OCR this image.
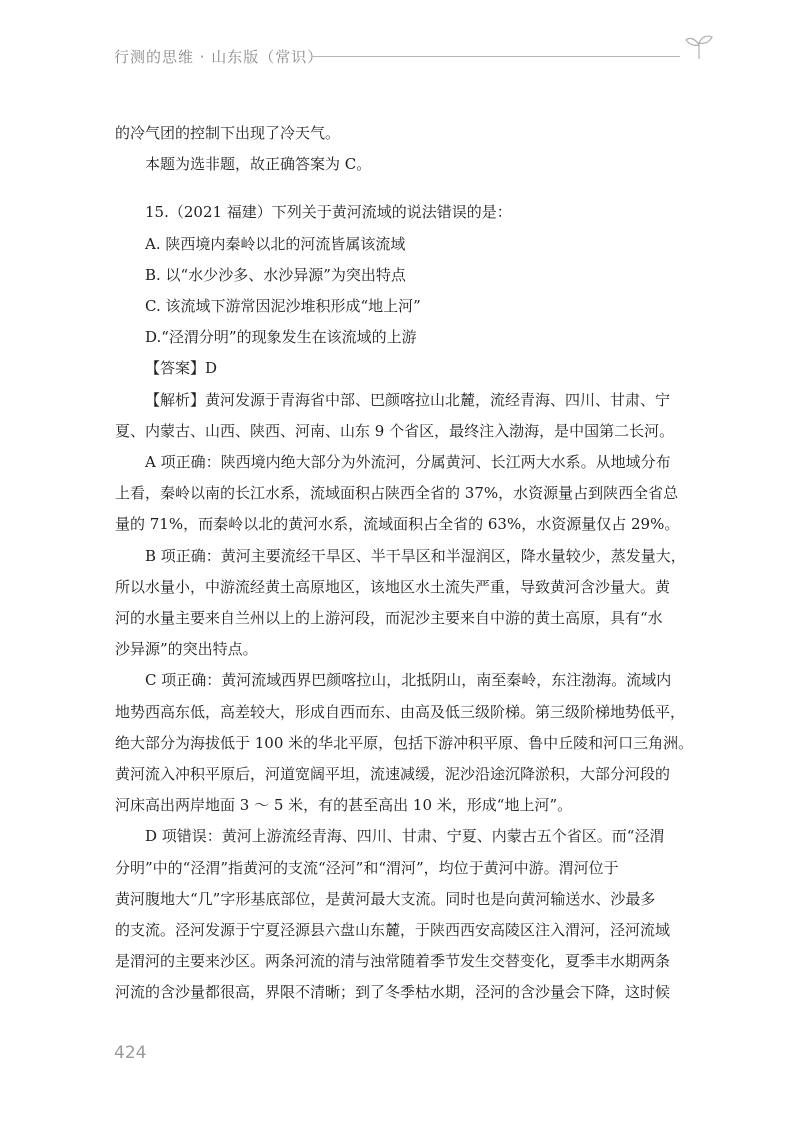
行测的思维 · 山东版（常识）

的冷气团的控制下出现了冷天气。

本题为选非题，故正确答案为 C。

15.（2021 福建）下列关于黄河流域的说法错误的是：

A. 陕西境内秦岭以北的河流皆属该流域

B. 以“水少沙多、水沙异源”为突出特点

C. 该流域下游常因泥沙堆积形成“地上河”

D.“泾渭分明”的现象发生在该流域的上游

【答案】D

【解析】黄河发源于青海省中部、巴颜喀拉山北麓，流经青海、四川、甘肃、宁

夏、内蒙古、山西、陕西、河南、山东 9 个省区，最终注入渤海，是中国第二长河。

A 项正确：陕西境内绝大部分为外流河，分属黄河、长江两大水系。从地域分布

上看，秦岭以南的长江水系，流域面积占陕西全省的 37%，水资源量占到陕西全省总

量的 71%，而秦岭以北的黄河水系，流域面积占全省的 63%，水资源量仅占 29%。

B 项正确：黄河主要流经干旱区、半干旱区和半湿润区，降水量较少，蒸发量大，

所以水量小，中游流经黄土高原地区，该地区水土流失严重，导致黄河含沙量大。黄

河的水量主要来自兰州以上的上游河段，而泥沙主要来自中游的黄土高原，具有“水

沙异源”的突出特点。

C 项正确：黄河流域西界巴颜喀拉山，北抵阴山，南至秦岭，东注渤海。流域内

地势西高东低，高差较大，形成自西而东、由高及低三级阶梯。第三级阶梯地势低平，

绝大部分为海拔低于 100 米的华北平原，包括下游冲积平原、鲁中丘陵和河口三角洲。

黄河流入冲积平原后，河道宽阔平坦，流速减缓，泥沙沿途沉降淤积，大部分河段的

河床高出两岸地面 3 ～ 5 米，有的甚至高出 10 米，形成“地上河”。

D 项错误：黄河上游流经青海、四川、甘肃、宁夏、内蒙古五个省区。而“泾渭

分明”中的“泾渭”指黄河的支流“泾河”和“渭河”，均位于黄河中游。渭河位于

黄河腹地大“几”字形基底部位，是黄河最大支流。同时也是向黄河输送水、沙最多

的支流。泾河发源于宁夏泾源县六盘山东麓，于陕西西安高陵区注入渭河，泾河流域

是渭河的主要来沙区。两条河流的清与浊常随着季节发生交替变化，夏季丰水期两条

河流的含沙量都很高，界限不清晰；到了冬季枯水期，泾河的含沙量会下降，这时候

424
